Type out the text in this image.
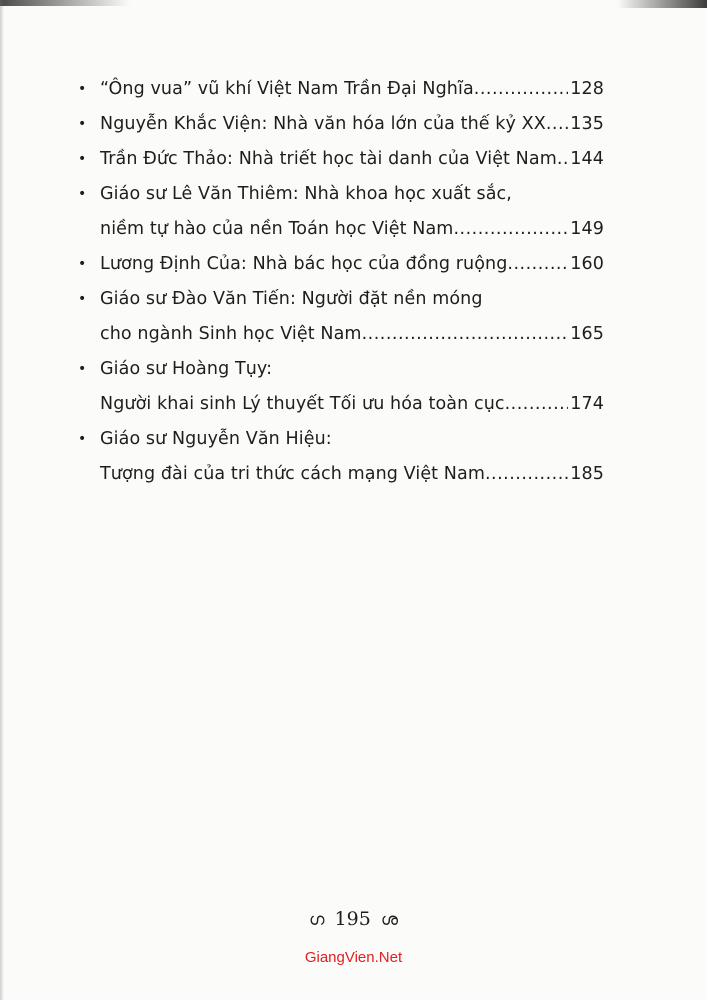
• “Ông vua” vũ khí Việt Nam Trần Đại Nghĩa .....	128
• Nguyễn Khắc Viện: Nhà văn hóa lớn của thế kỷ XX ..... 135
• Trần Đức Thảo: Nhà triết học tài danh của Việt Nam ..... 144
• Giáo sư Lê Văn Thiêm: Nhà khoa học xuất sắc,
niềm tự hào của nền Toán học Việt Nam .....	149
• Lương Định Của: Nhà bác học của đồng ruộng .....	160
• Giáo sư Đào Văn Tiến: Người đặt nền móng
cho ngành Sinh học Việt Nam .....	165
• Giáo sư Hoàng Tụy:
Người khai sinh Lý thuyết Tối ưu hóa toàn cục .....	174
• Giáo sư Nguyễn Văn Hiệu:
Tượng đài của tri thức cách mạng Việt Nam .....	185
ഗ 195 ശ
GiangVien.Net
